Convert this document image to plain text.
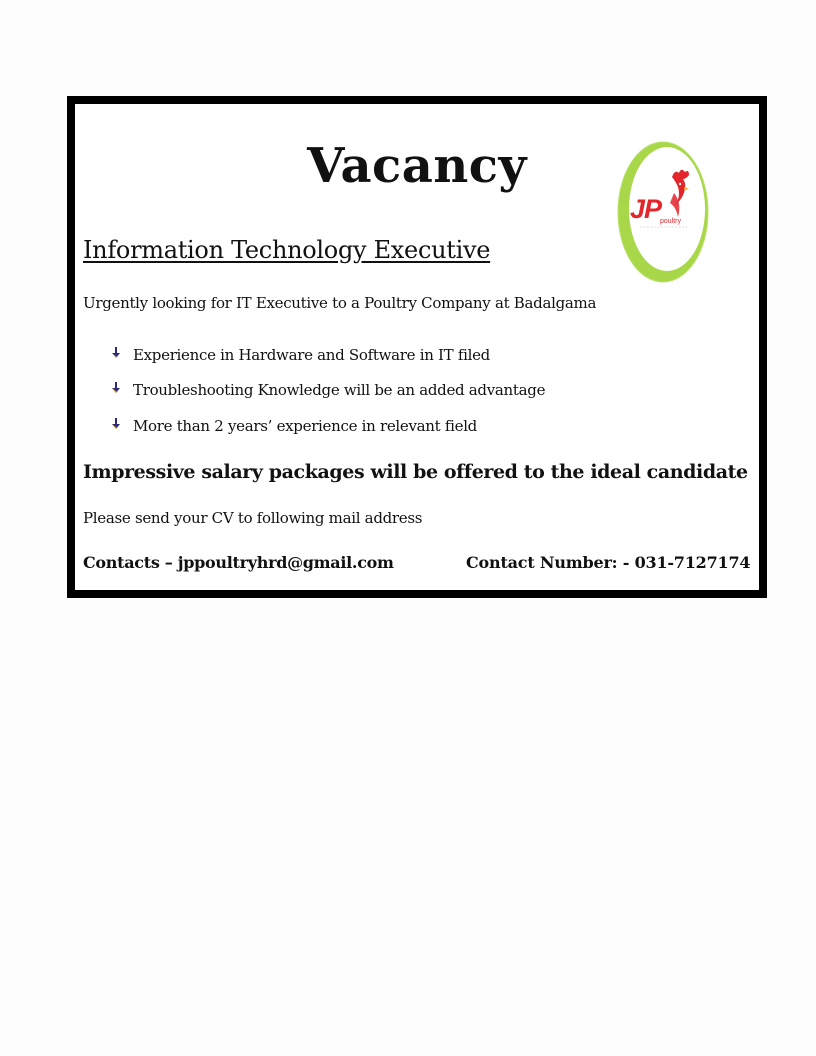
Vacancy
J
P
poultry
Information Technology Executive
Urgently looking for IT Executive to a Poultry Company at Badalgama
Experience in Hardware and Software in IT filed
Troubleshooting Knowledge will be an added advantage
More than 2 years’ experience in relevant field
Impressive salary packages will be offered to the ideal candidate
Please send your CV to following mail address
Contacts – jppoultryhrd@gmail.com	Contact Number: - 031-7127174
